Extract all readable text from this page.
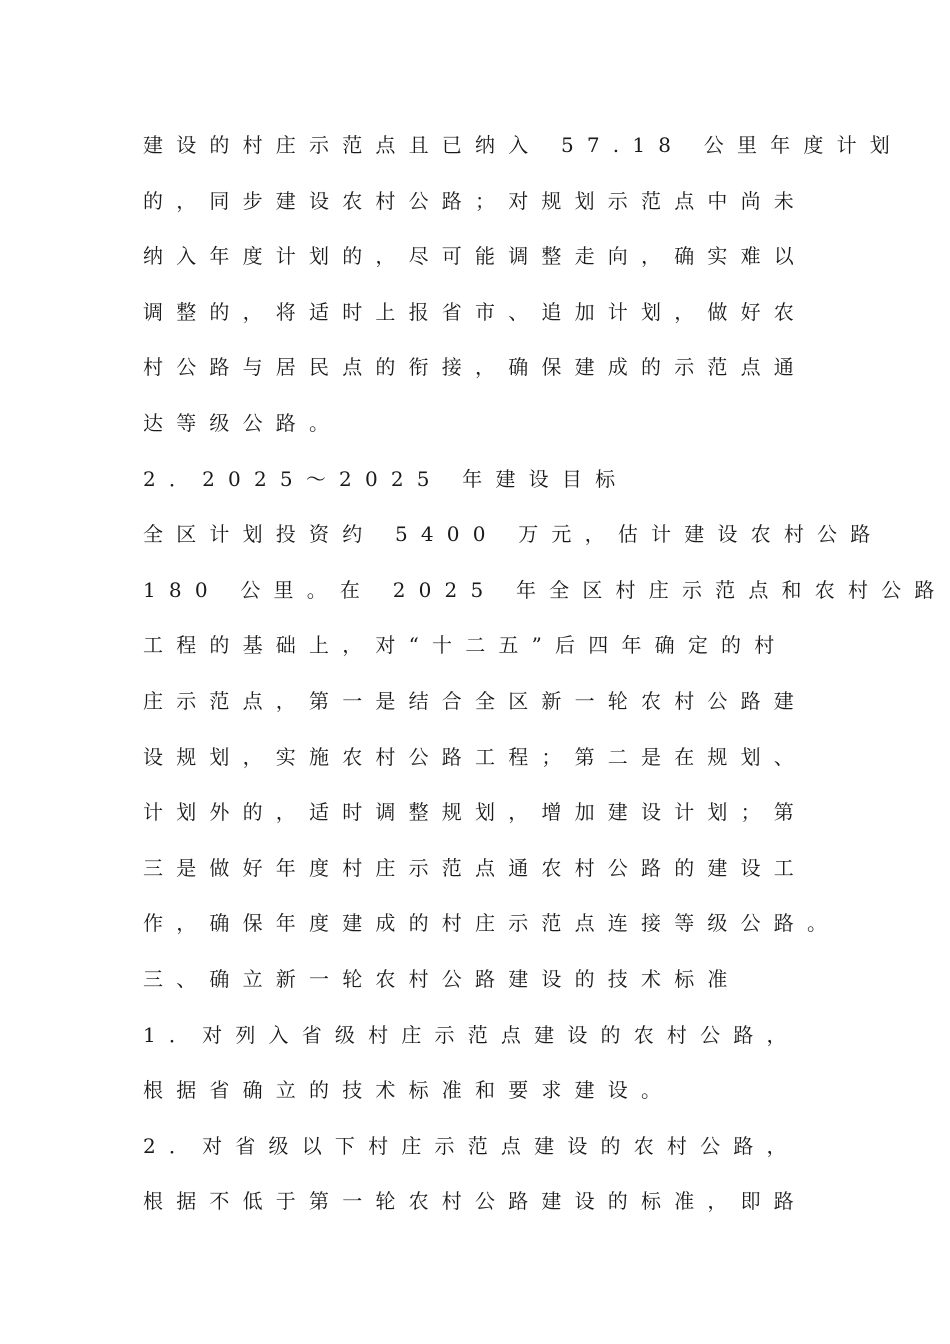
建设的村庄示范点且已纳入 57.18 公里年度计划
的，同步建设农村公路；对规划示范点中尚未
纳入年度计划的，尽可能调整走向，确实难以
调整的，将适时上报省市、追加计划，做好农
村公路与居民点的衔接，确保建成的示范点通
达等级公路。
2．2025～2025 年建设目标
全区计划投资约 5400 万元，估计建设农村公路
180 公里。在 2025 年全区村庄示范点和农村公路
工程的基础上，对“十二五”后四年确定的村
庄示范点，第一是结合全区新一轮农村公路建
设规划，实施农村公路工程；第二是在规划、
计划外的，适时调整规划，增加建设计划；第
三是做好年度村庄示范点通农村公路的建设工
作，确保年度建成的村庄示范点连接等级公路。
三、确立新一轮农村公路建设的技术标准
1．对列入省级村庄示范点建设的农村公路，
根据省确立的技术标准和要求建设。
2．对省级以下村庄示范点建设的农村公路，
根据不低于第一轮农村公路建设的标准，即路
